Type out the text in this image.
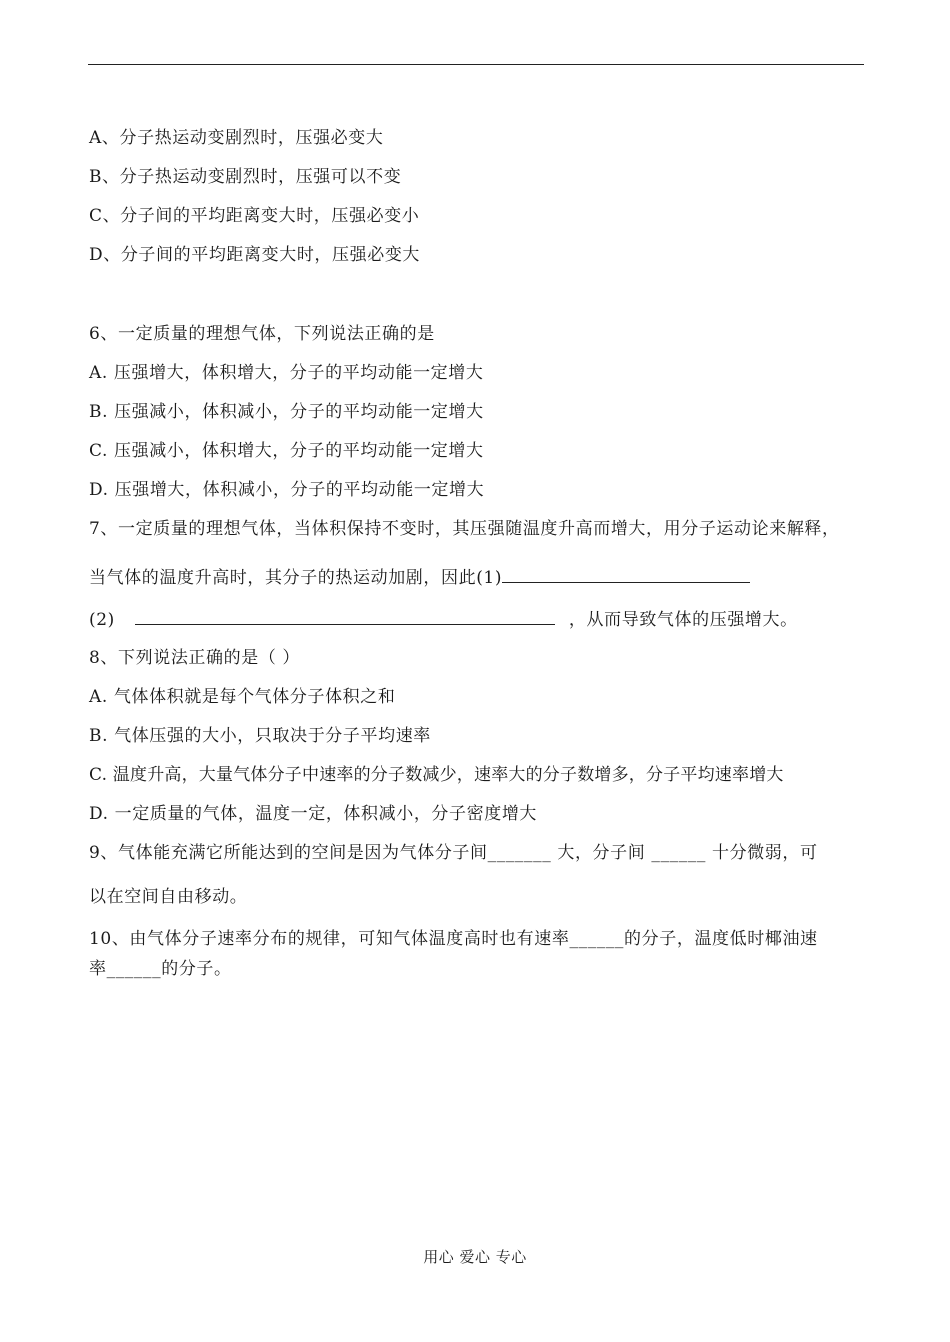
A、分子热运动变剧烈时，压强必变大
B、分子热运动变剧烈时，压强可以不变
C、分子间的平均距离变大时，压强必变小
D、分子间的平均距离变大时，压强必变大
6、一定质量的理想气体，下列说法正确的是
A. 压强增大，体积增大，分子的平均动能一定增大
B. 压强减小，体积减小，分子的平均动能一定增大
C. 压强减小，体积增大，分子的平均动能一定增大
D. 压强增大，体积减小，分子的平均动能一定增大
7、一定质量的理想气体，当体积保持不变时，其压强随温度升高而增大，用分子运动论来解释，
当气体的温度升高时，其分子的热运动加剧，因此(1)
(2)	，从而导致气体的压强增大。
8、下列说法正确的是（ ）
A. 气体体积就是每个气体分子体积之和
B. 气体压强的大小，只取决于分子平均速率
C. 温度升高，大量气体分子中速率的分子数减少，速率大的分子数增多，分子平均速率增大
D. 一定质量的气体，温度一定，体积减小，分子密度增大
9、气体能充满它所能达到的空间是因为气体分子间_______ 大，分子间 ______ 十分微弱，可
以在空间自由移动。
10、由气体分子速率分布的规律，可知气体温度高时也有速率______的分子，温度低时椰油速
率______的分子。
用心 爱心 专心
